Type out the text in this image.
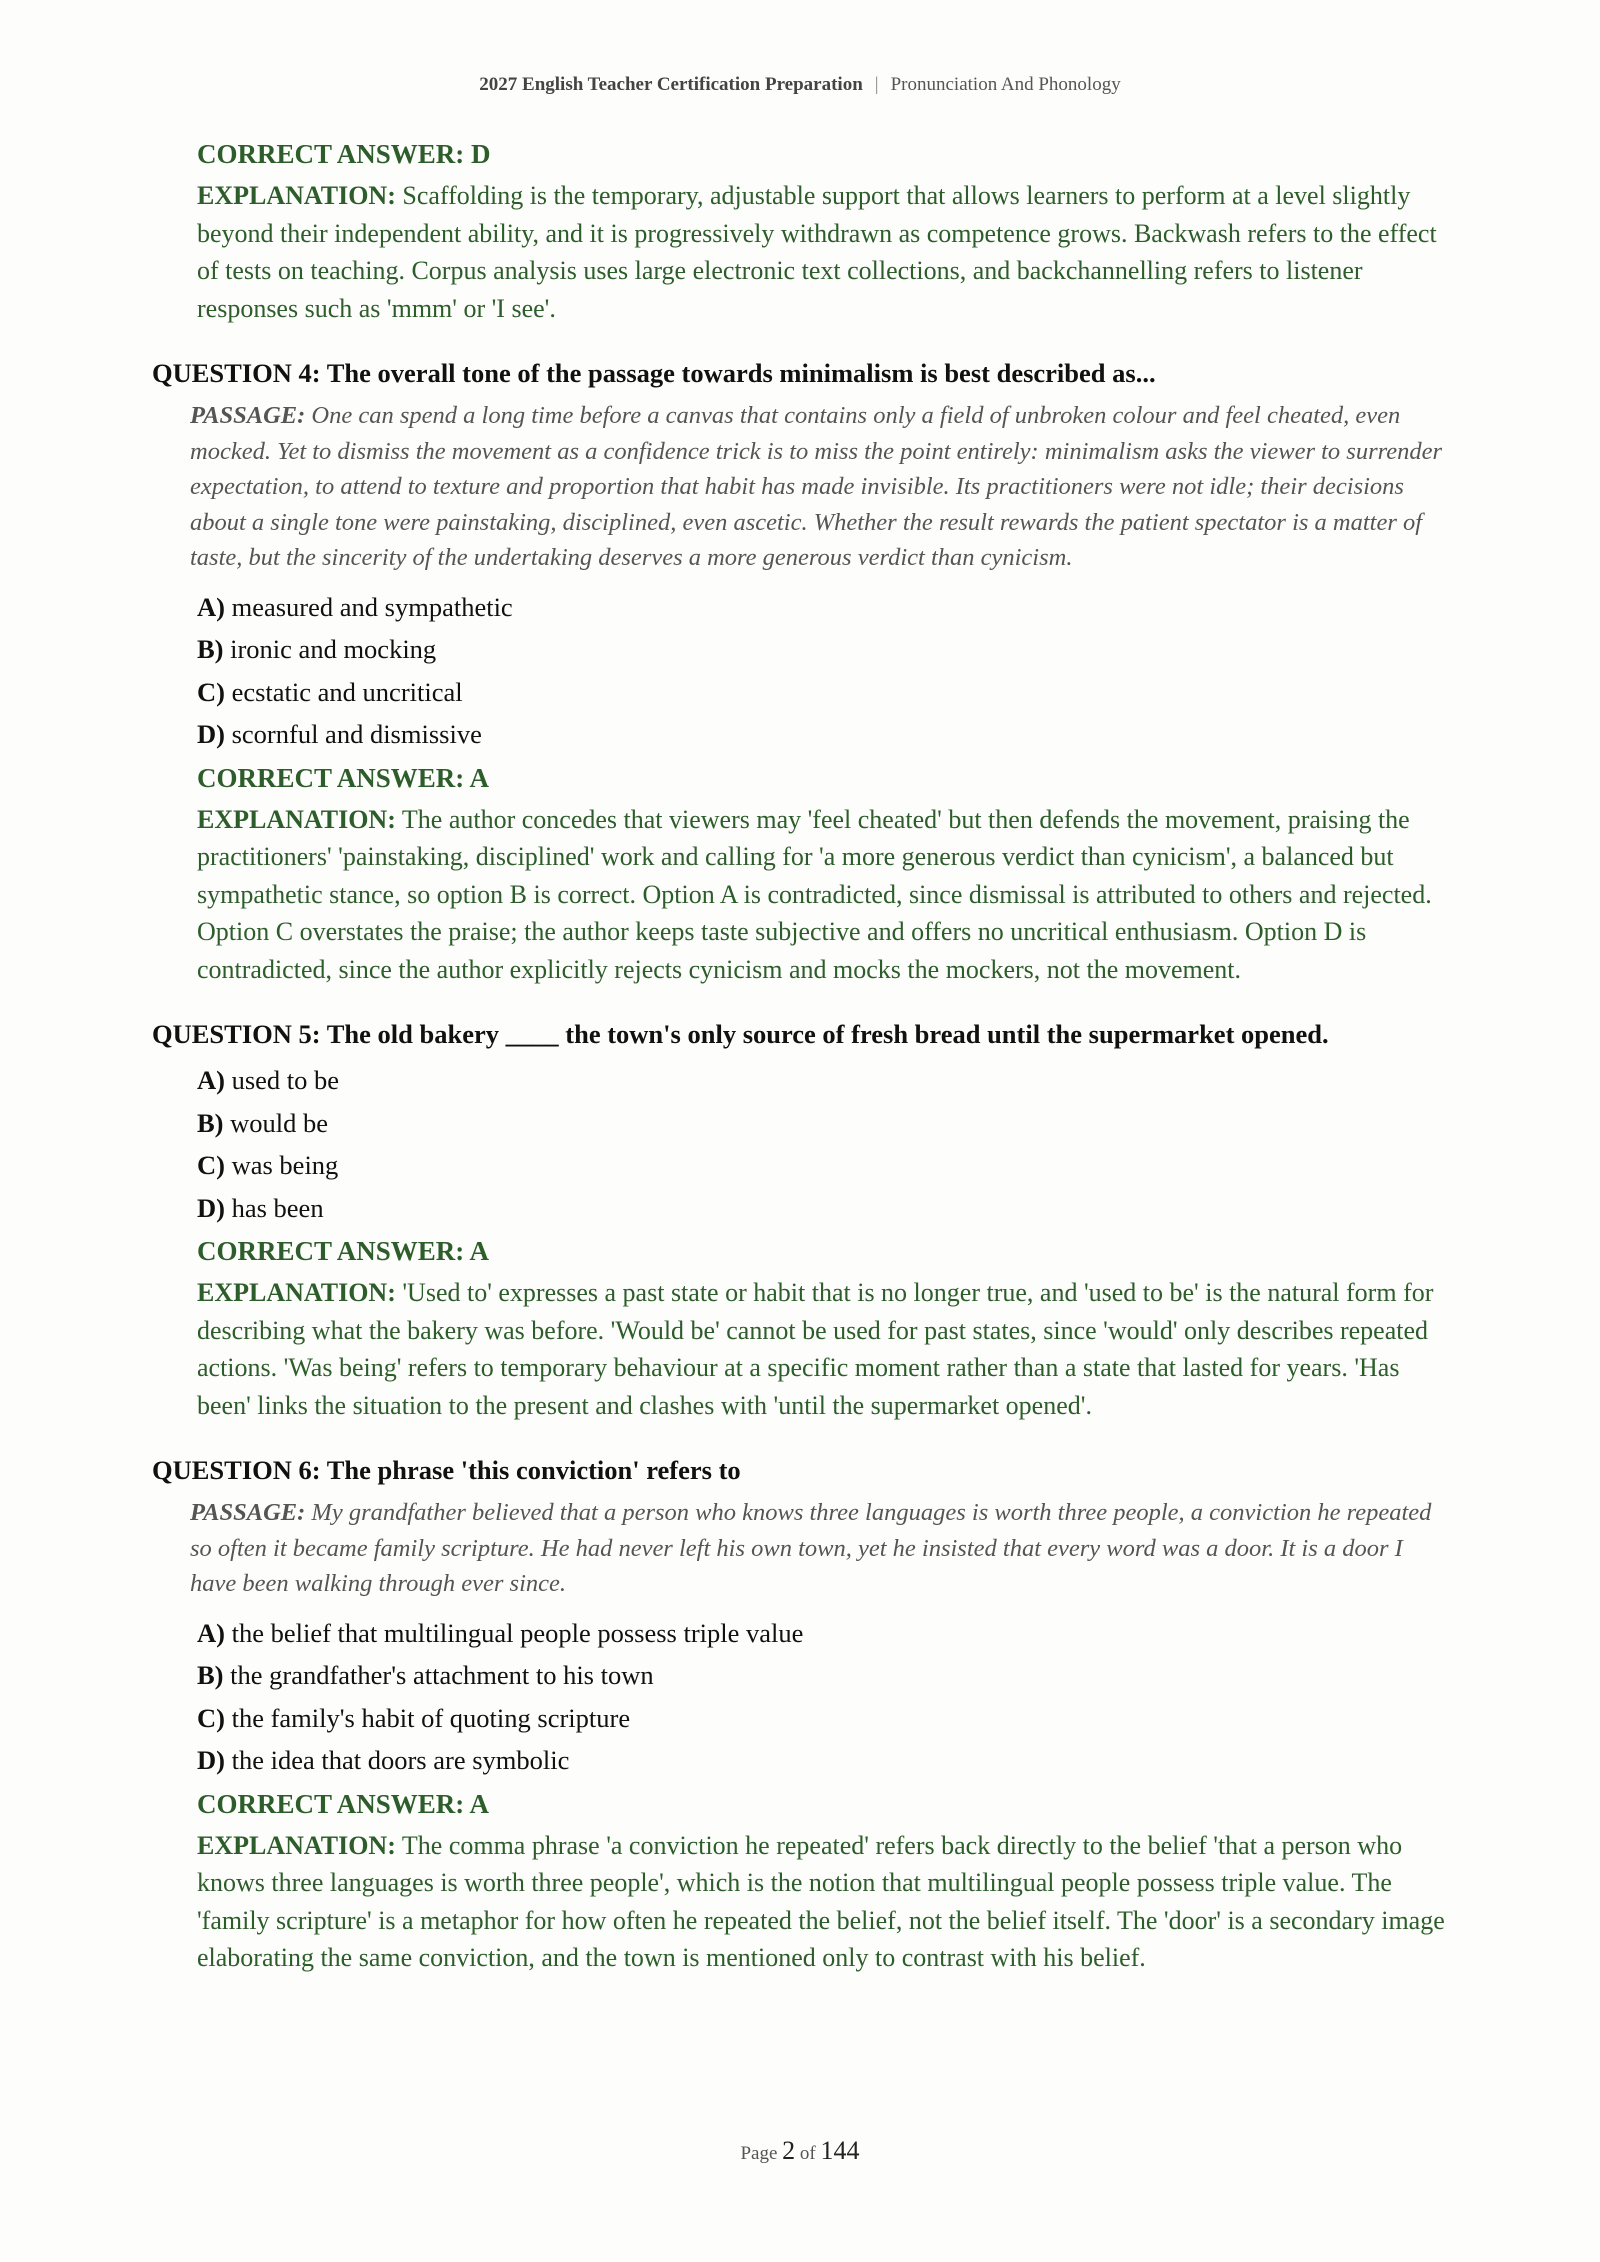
2027 English Teacher Certification Preparation | Pronunciation And Phonology
CORRECT ANSWER: D
EXPLANATION: Scaffolding is the temporary, adjustable support that allows learners to perform at a level slightly beyond their independent ability, and it is progressively withdrawn as competence grows. Backwash refers to the effect of tests on teaching. Corpus analysis uses large electronic text collections, and backchannelling refers to listener responses such as 'mmm' or 'I see'.
QUESTION 4: The overall tone of the passage towards minimalism is best described as...
PASSAGE: One can spend a long time before a canvas that contains only a field of unbroken colour and feel cheated, even mocked. Yet to dismiss the movement as a confidence trick is to miss the point entirely: minimalism asks the viewer to surrender expectation, to attend to texture and proportion that habit has made invisible. Its practitioners were not idle; their decisions about a single tone were painstaking, disciplined, even ascetic. Whether the result rewards the patient spectator is a matter of taste, but the sincerity of the undertaking deserves a more generous verdict than cynicism.
A) measured and sympathetic
B) ironic and mocking
C) ecstatic and uncritical
D) scornful and dismissive
CORRECT ANSWER: A
EXPLANATION: The author concedes that viewers may 'feel cheated' but then defends the movement, praising the practitioners' 'painstaking, disciplined' work and calling for 'a more generous verdict than cynicism', a balanced but sympathetic stance, so option B is correct. Option A is contradicted, since dismissal is attributed to others and rejected. Option C overstates the praise; the author keeps taste subjective and offers no uncritical enthusiasm. Option D is contradicted, since the author explicitly rejects cynicism and mocks the mockers, not the movement.
QUESTION 5: The old bakery ____ the town's only source of fresh bread until the supermarket opened.
A) used to be
B) would be
C) was being
D) has been
CORRECT ANSWER: A
EXPLANATION: 'Used to' expresses a past state or habit that is no longer true, and 'used to be' is the natural form for describing what the bakery was before. 'Would be' cannot be used for past states, since 'would' only describes repeated actions. 'Was being' refers to temporary behaviour at a specific moment rather than a state that lasted for years. 'Has been' links the situation to the present and clashes with 'until the supermarket opened'.
QUESTION 6: The phrase 'this conviction' refers to
PASSAGE: My grandfather believed that a person who knows three languages is worth three people, a conviction he repeated so often it became family scripture. He had never left his own town, yet he insisted that every word was a door. It is a door I have been walking through ever since.
A) the belief that multilingual people possess triple value
B) the grandfather's attachment to his town
C) the family's habit of quoting scripture
D) the idea that doors are symbolic
CORRECT ANSWER: A
EXPLANATION: The comma phrase 'a conviction he repeated' refers back directly to the belief 'that a person who knows three languages is worth three people', which is the notion that multilingual people possess triple value. The 'family scripture' is a metaphor for how often he repeated the belief, not the belief itself. The 'door' is a secondary image elaborating the same conviction, and the town is mentioned only to contrast with his belief.
Page 2 of 144
